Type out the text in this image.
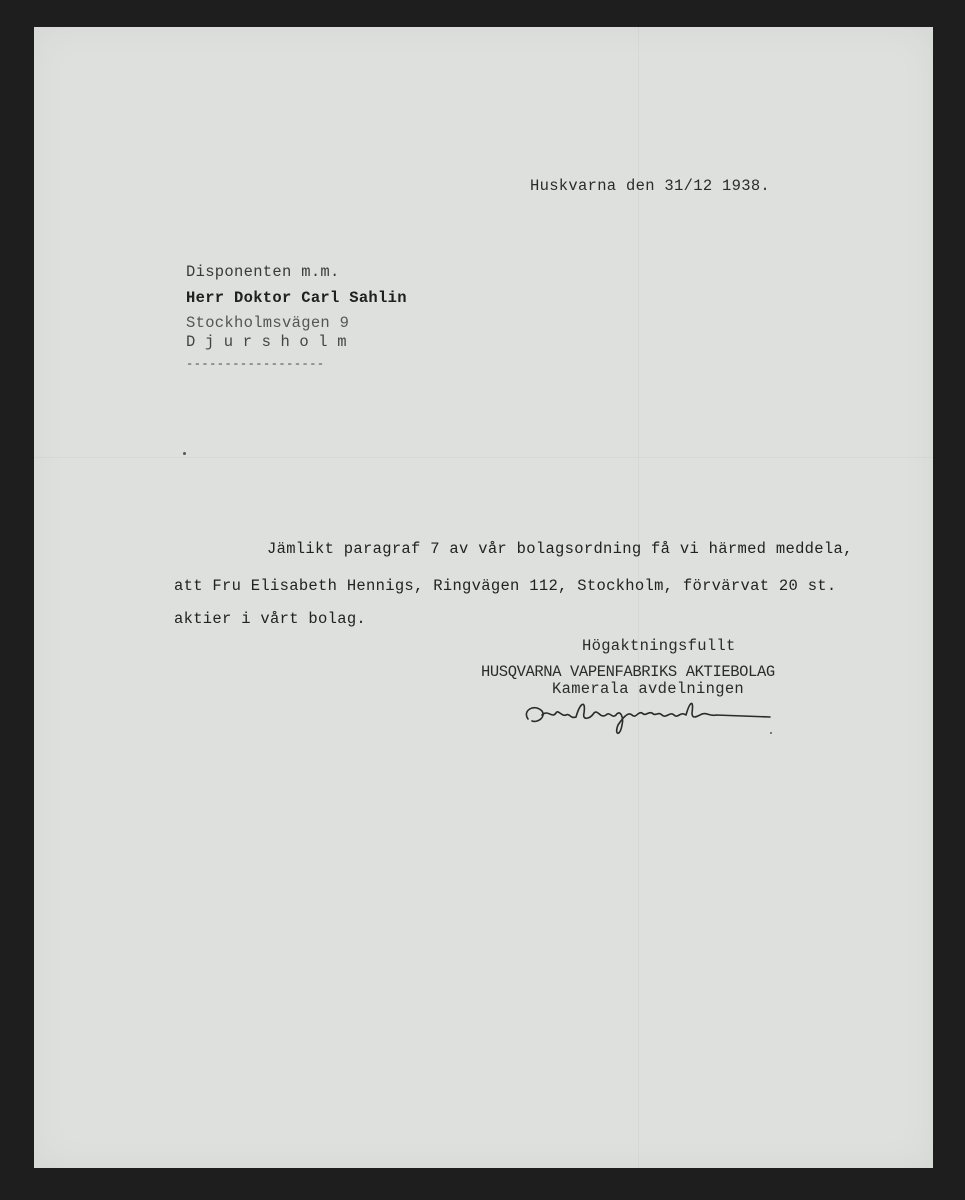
Huskvarna den 31/12 1938.
Disponenten m.m.
Herr Doktor Carl Sahlin
Stockholmsvägen 9
Djursholm
------------------
Jämlikt paragraf 7 av vår bolagsordning få vi härmed meddela,
att Fru Elisabeth Hennigs, Ringvägen 112, Stockholm, förvärvat 20 st.
aktier i vårt bolag.
Högaktningsfullt
HUSQVARNA VAPENFABRIKS AKTIEBOLAG
Kamerala avdelningen
